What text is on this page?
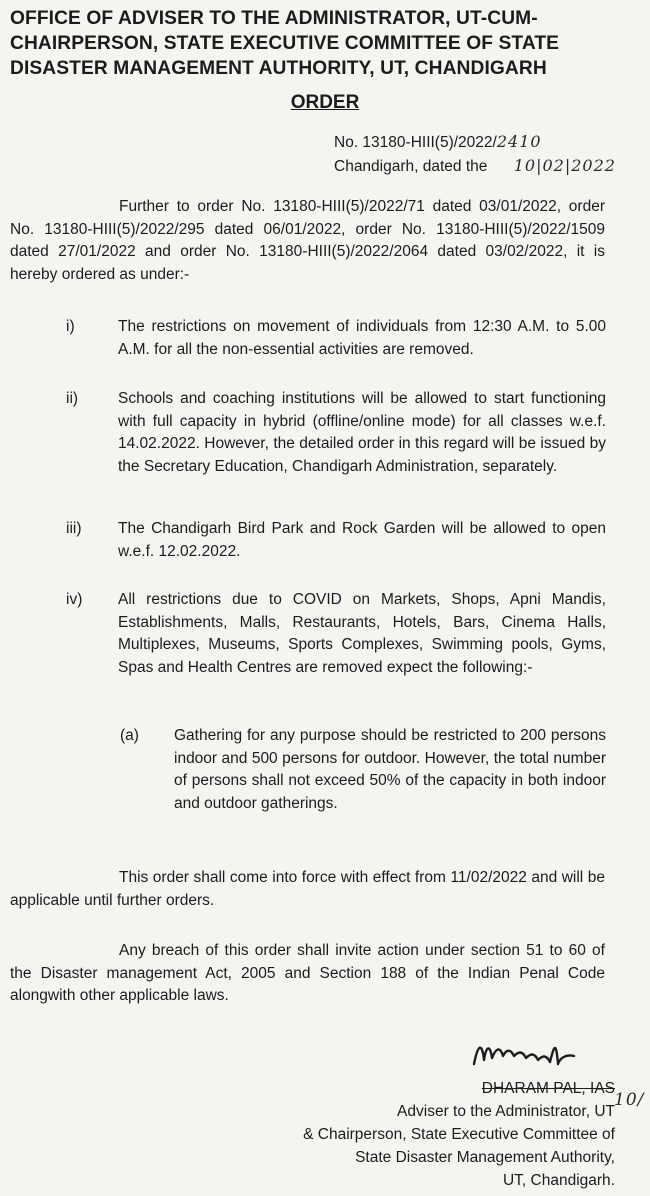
OFFICE OF ADVISER TO THE ADMINISTRATOR, UT-CUM-
CHAIRPERSON, STATE EXECUTIVE COMMITTEE OF STATE
DISASTER MANAGEMENT AUTHORITY, UT, CHANDIGARH
ORDER
No. 13180-HIII(5)/2022/2410
Chandigarh, dated the 10|02|2022
Further to order No. 13180-HIII(5)/2022/71 dated 03/01/2022, order No. 13180-HIII(5)/2022/295 dated 06/01/2022, order No. 13180-HIII(5)/2022/1509 dated 27/01/2022 and order No. 13180-HIII(5)/2022/2064 dated 03/02/2022, it is hereby ordered as under:-
i)	The restrictions on movement of individuals from 12:30 A.M. to 5.00 A.M. for all the non-essential activities are removed.
ii)	Schools and coaching institutions will be allowed to start functioning with full capacity in hybrid (offline/online mode) for all classes w.e.f. 14.02.2022. However, the detailed order in this regard will be issued by the Secretary Education, Chandigarh Administration, separately.
iii) The Chandigarh Bird Park and Rock Garden will be allowed to open w.e.f. 12.02.2022.
iv) All restrictions due to COVID on Markets, Shops, Apni Mandis, Establishments, Malls, Restaurants, Hotels, Bars, Cinema Halls, Multiplexes, Museums, Sports Complexes, Swimming pools, Gyms, Spas and Health Centres are removed expect the following:-
(a) Gathering for any purpose should be restricted to 200 persons indoor and 500 persons for outdoor. However, the total number of persons shall not exceed 50% of the capacity in both indoor and outdoor gatherings.
This order shall come into force with effect from 11/02/2022 and will be applicable until further orders.
Any breach of this order shall invite action under section 51 to 60 of the Disaster management Act, 2005 and Section 188 of the Indian Penal Code alongwith other applicable laws.
DHARAM PAL, IAS
Adviser to the Administrator, UT
& Chairperson, State Executive Committee of
State Disaster Management Authority,
UT, Chandigarh.
10/
